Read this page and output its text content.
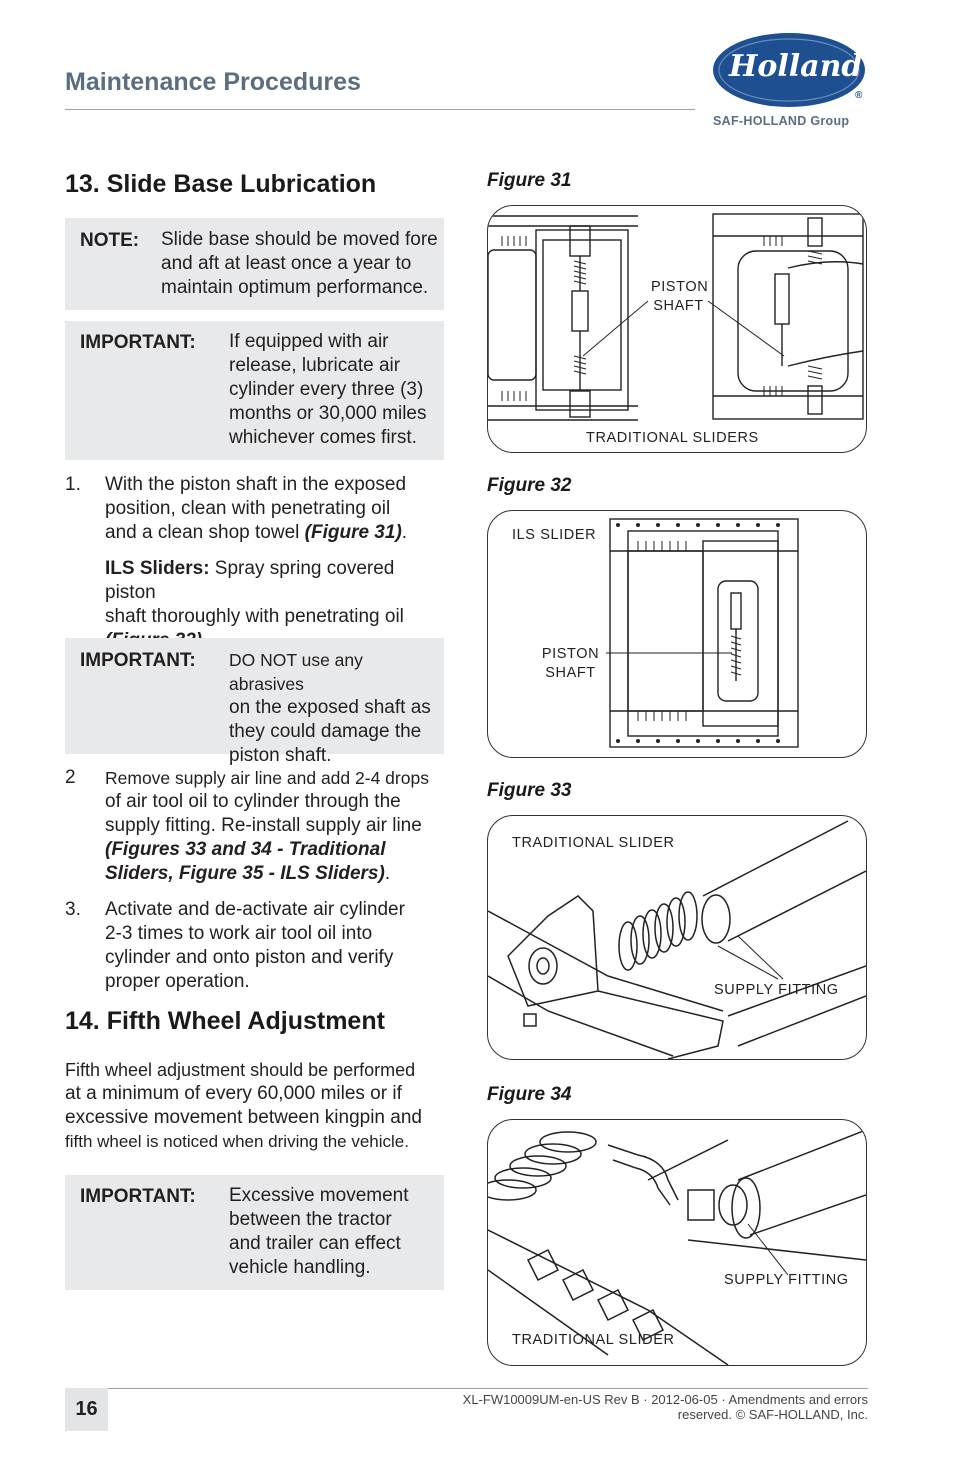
Maintenance Procedures	Holland
®
SAF-HOLLAND Group
13. Slide Base Lubrication
NOTE: Slide base should be moved fore
and aft at least once a year to
maintain optimum performance.
IMPORTANT: If equipped with air
release, lubricate air
cylinder every three (3)
months or 30,000 miles
whichever comes first.
1. With the piston shaft in the exposed
position, clean with penetrating oil
and a clean shop towel (Figure 31).
ILS Sliders: Spray spring covered piston
shaft thoroughly with penetrating oil
IMPORTANT: DO NOT use any abrasives
on the exposed shaft as
they could damage the
piston shaft.
2 Remove supply air line and add 2-4 drops
of air tool oil to cylinder through the
supply fitting. Re-install supply air line
(Figures 33 and 34 - Traditional
Sliders, Figure 35 - ILS Sliders).
3. Activate and de-activate air cylinder
2-3 times to work air tool oil into
cylinder and onto piston and verify
proper operation.
14. Fifth Wheel Adjustment
Fifth wheel adjustment should be performed
at a minimum of every 60,000 miles or if
excessive movement between kingpin and
fifth wheel is noticed when driving the vehicle.
IMPORTANT: Excessive movement
between the tractor
and trailer can effect
vehicle handling.
Figure 31
PISTON
SHAFT
TRADITIONAL SLIDERS
Figure 32
ILS SLIDER
PISTON
SHAFT
Figure 33
TRADITIONAL SLIDER
SUPPLY FITTING
Figure 34
SUPPLY FITTING
TRADITIONAL SLIDER
16	XL-FW10009UM-en-US Rev B · 2012-06-05 · Amendments and errors reserved. © SAF-HOLLAND, Inc.
